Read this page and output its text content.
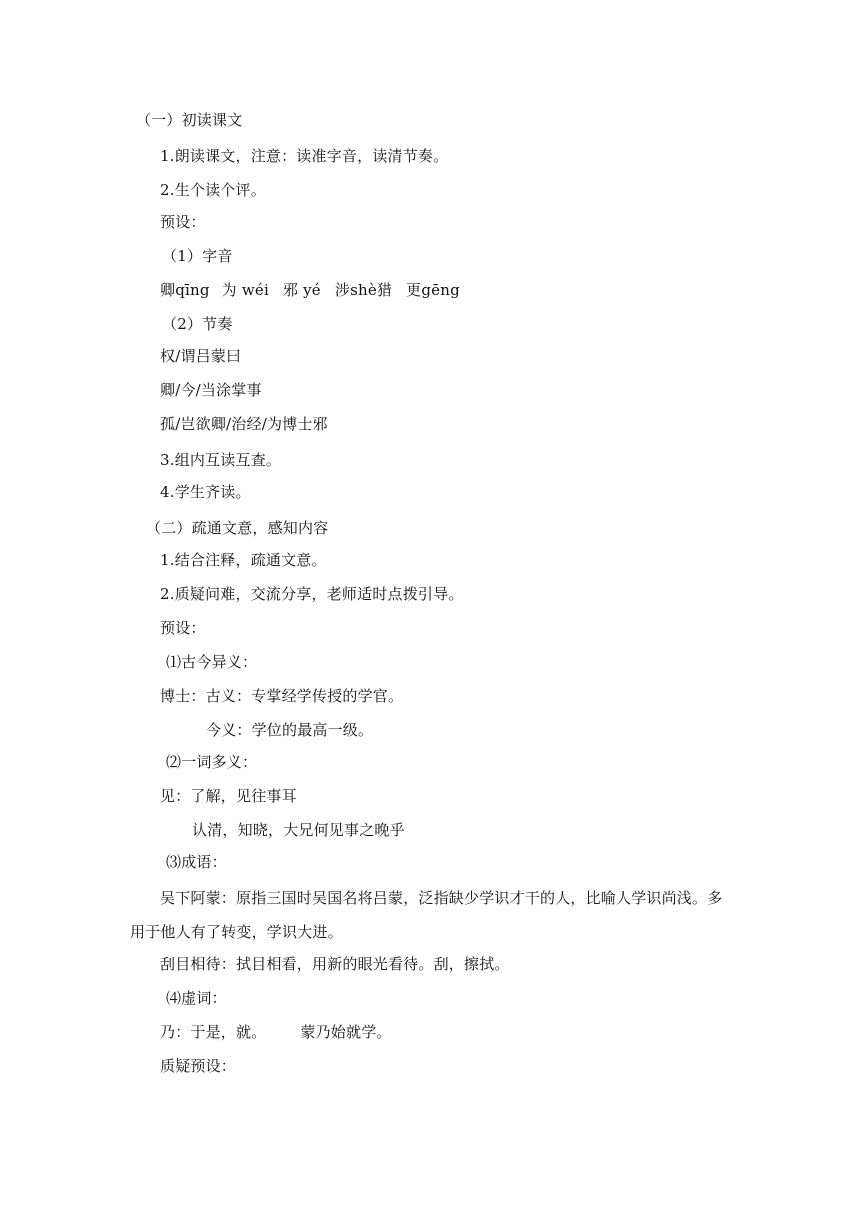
（一）初读课文
1.朗读课文，注意：读准字音，读清节奏。
2.生个读个评。
预设：
（1）字音
卿qīng 为 wéi 邪 yé 涉shè猎 更gēng
（2）节奏
权/谓吕蒙曰
卿/今/当涂掌事
孤/岂欲卿/治经/为博士邪
3.组内互读互查。
4.学生齐读。
（二）疏通文意，感知内容
1.结合注释，疏通文意。
2.质疑问难，交流分享，老师适时点拨引导。
预设：
⑴古今异义：
博士：古义：专掌经学传授的学官。
今义：学位的最高一级。
⑵一词多义：
见：了解，见往事耳
认清，知晓，大兄何见事之晚乎
⑶成语：
吴下阿蒙：原指三国时吴国名将吕蒙，泛指缺少学识才干的人，比喻人学识尚浅。多
用于他人有了转变，学识大进。
刮目相待：拭目相看，用新的眼光看待。刮，擦拭。
⑷虚词：
乃：于是，就。 蒙乃始就学。
质疑预设：
